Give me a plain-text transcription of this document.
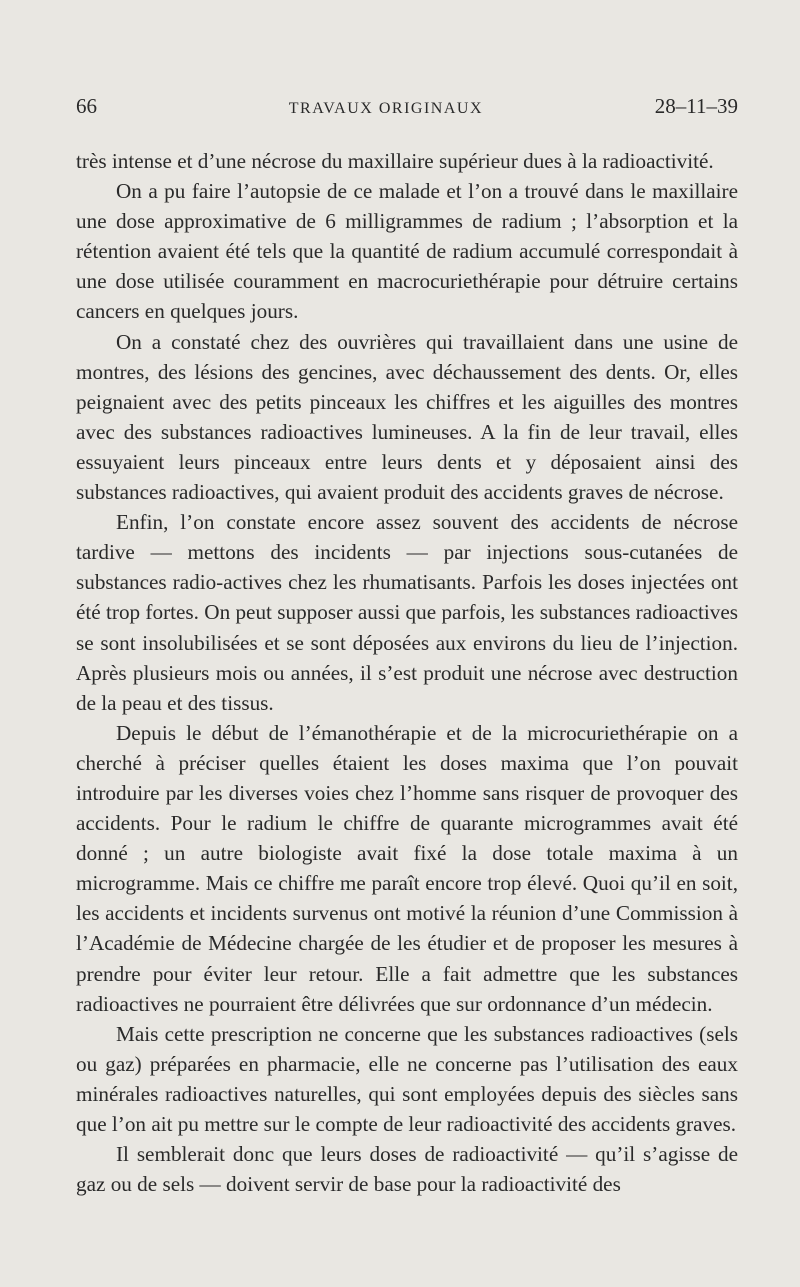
66	TRAVAUX ORIGINAUX	28–11–39

très intense et d’une nécrose du maxillaire supérieur dues à la radioactivité.

On a pu faire l’autopsie de ce malade et l’on a trouvé dans le maxillaire une dose approximative de 6 milligrammes de radium ; l’absorption et la rétention avaient été tels que la quantité de radium accumulé correspondait à une dose utilisée couramment en macrocuriethérapie pour détruire certains cancers en quelques jours.

On a constaté chez des ouvrières qui travaillaient dans une usine de montres, des lésions des gencines, avec déchaussement des dents. Or, elles peignaient avec des petits pinceaux les chiffres et les aiguilles des montres avec des substances radioactives lumineuses. A la fin de leur travail, elles essuyaient leurs pinceaux entre leurs dents et y déposaient ainsi des substances radioactives, qui avaient produit des accidents graves de nécrose.

Enfin, l’on constate encore assez souvent des accidents de nécrose tardive — mettons des incidents — par injections sous-cutanées de substances radio-actives chez les rhumatisants. Parfois les doses injectées ont été trop fortes. On peut supposer aussi que parfois, les substances radioactives se sont insolubilisées et se sont déposées aux environs du lieu de l’injection. Après plusieurs mois ou années, il s’est produit une nécrose avec destruction de la peau et des tissus.

Depuis le début de l’émanothérapie et de la microcuriethérapie on a cherché à préciser quelles étaient les doses maxima que l’on pouvait introduire par les diverses voies chez l’homme sans risquer de provoquer des accidents. Pour le radium le chiffre de quarante microgrammes avait été donné ; un autre biologiste avait fixé la dose totale maxima à un microgramme. Mais ce chiffre me paraît encore trop élevé. Quoi qu’il en soit, les accidents et incidents survenus ont motivé la réunion d’une Commission à l’Académie de Médecine chargée de les étudier et de proposer les mesures à prendre pour éviter leur retour. Elle a fait admettre que les substances radioactives ne pourraient être délivrées que sur ordonnance d’un médecin.

Mais cette prescription ne concerne que les substances radioactives (sels ou gaz) préparées en pharmacie, elle ne concerne pas l’utilisation des eaux minérales radioactives naturelles, qui sont employées depuis des siècles sans que l’on ait pu mettre sur le compte de leur radioactivité des accidents graves.

Il semblerait donc que leurs doses de radioactivité — qu’il s’agisse de gaz ou de sels — doivent servir de base pour la radioactivité des
